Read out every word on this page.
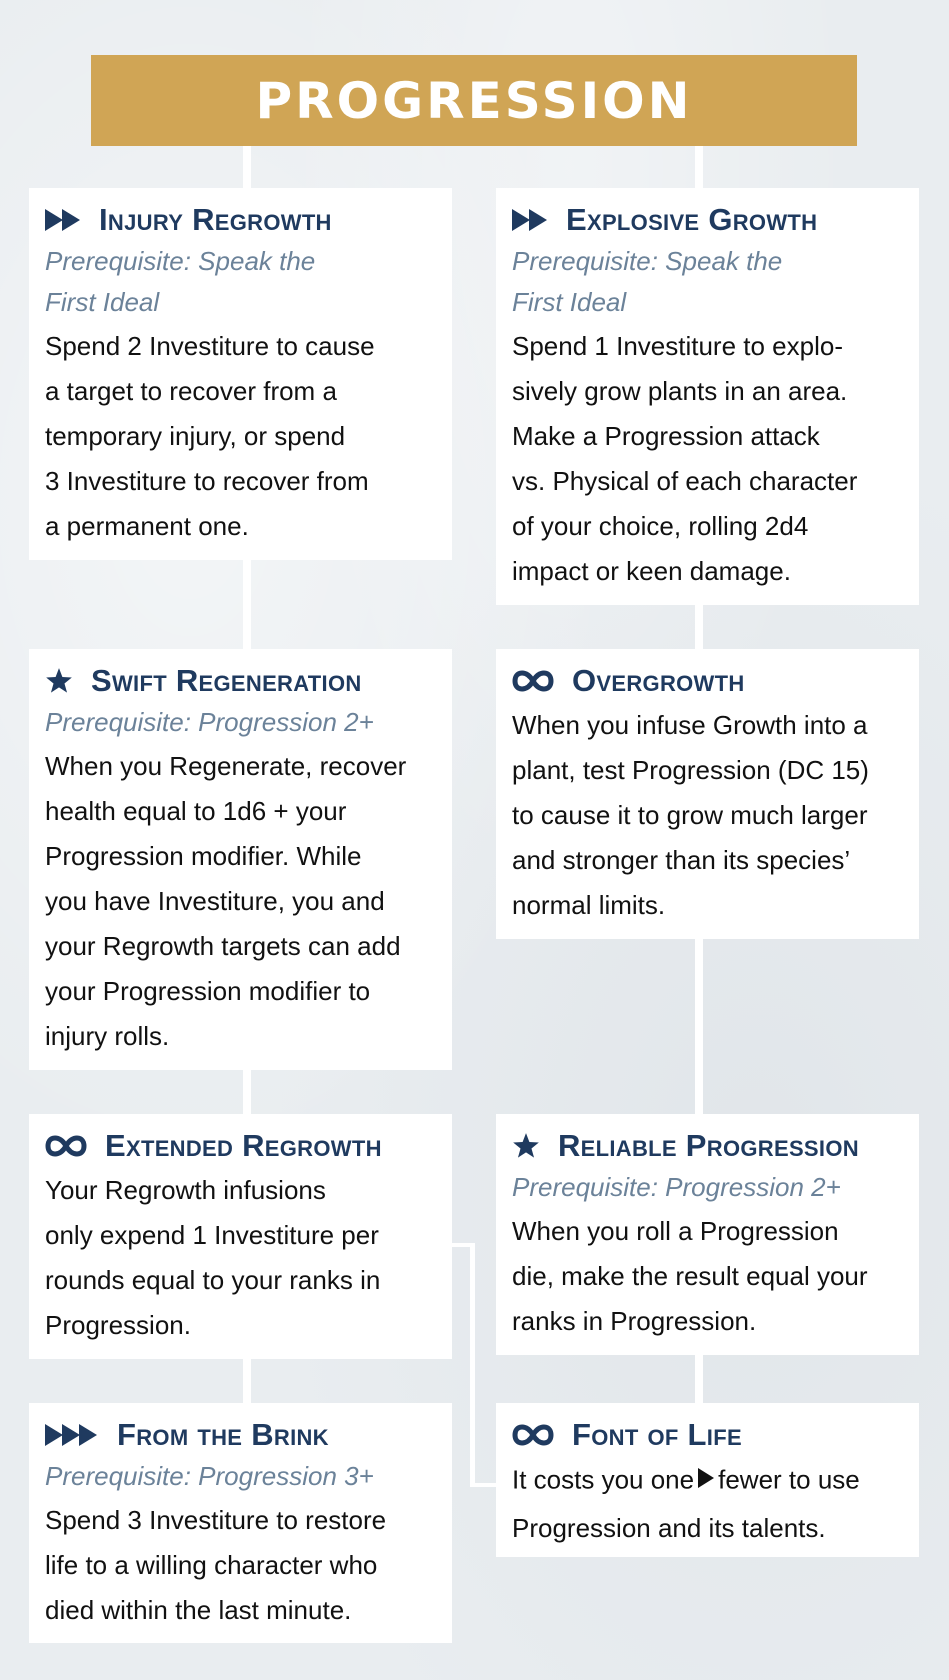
PROGRESSION
Injury Regrowth
Prerequisite: Speak the
First Ideal
Spend 2 Investiture to cause
a target to recover from a
temporary injury, or spend
3 Investiture to recover from
a permanent one.
Explosive Growth
Prerequisite: Speak the
First Ideal
Spend 1 Investiture to explo-
sively grow plants in an area.
Make a Progression attack
vs. Physical of each character
of your choice, rolling 2d4
impact or keen damage.
Swift Regeneration
Prerequisite: Progression 2+
When you Regenerate, recover
health equal to 1d6 + your
Progression modifier. While
you have Investiture, you and
your Regrowth targets can add
your Progression modifier to
injury rolls.
Overgrowth
When you infuse Growth into a
plant, test Progression (DC 15)
to cause it to grow much larger
and stronger than its species’
normal limits.
Extended Regrowth
Your Regrowth infusions
only expend 1 Investiture per
rounds equal to your ranks in
Progression.
Reliable Progression
Prerequisite: Progression 2+
When you roll a Progression
die, make the result equal your
ranks in Progression.
From the Brink
Prerequisite: Progression 3+
Spend 3 Investiture to restore
life to a willing character who
died within the last minute.
Font of Life
It costs you one fewer to use
Progression and its talents.
